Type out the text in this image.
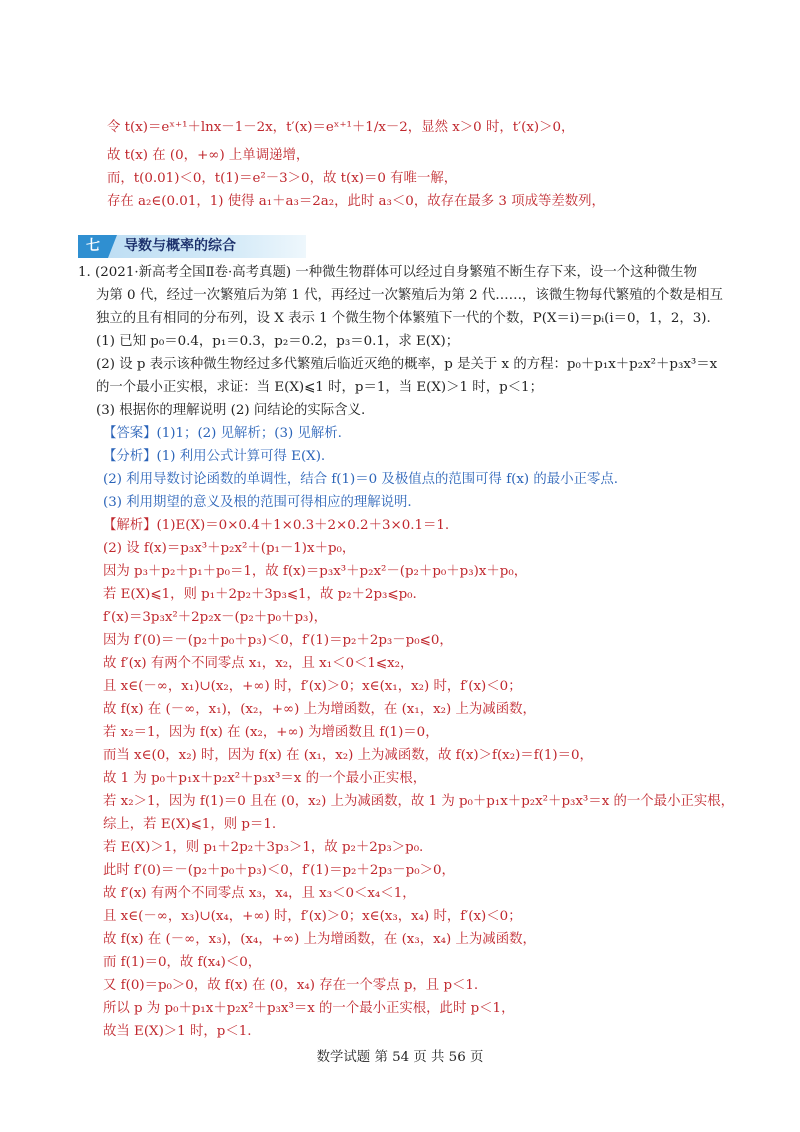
令 t(x)＝eˣ⁺¹＋lnx－1－2x，t′(x)＝eˣ⁺¹＋1/x－2，显然 x＞0 时，t′(x)＞0，
故 t(x) 在 (0，+∞) 上单调递增，
而，t(0.01)＜0，t(1)＝e²－3＞0，故 t(x)＝0 有唯一解，
存在 a₂∈(0.01，1) 使得 a₁＋a₃＝2a₂，此时 a₃＜0，故存在最多 3 项成等差数列，
七	导数与概率的综合
1. (2021·新高考全国Ⅱ卷·高考真题) 一种微生物群体可以经过自身繁殖不断生存下来，设一个这种微生物
为第 0 代，经过一次繁殖后为第 1 代，再经过一次繁殖后为第 2 代……，该微生物每代繁殖的个数是相互
独立的且有相同的分布列，设 X 表示 1 个微生物个体繁殖下一代的个数，P(X＝i)＝pᵢ(i＝0，1，2，3).
(1) 已知 p₀＝0.4，p₁＝0.3，p₂＝0.2，p₃＝0.1，求 E(X)；
(2) 设 p 表示该种微生物经过多代繁殖后临近灭绝的概率，p 是关于 x 的方程：p₀＋p₁x＋p₂x²＋p₃x³＝x
的一个最小正实根，求证：当 E(X)⩽1 时，p＝1，当 E(X)＞1 时，p＜1；
(3) 根据你的理解说明 (2) 问结论的实际含义.
【答案】(1)1；(2) 见解析；(3) 见解析.
【分析】(1) 利用公式计算可得 E(X).
(2) 利用导数讨论函数的单调性，结合 f(1)＝0 及极值点的范围可得 f(x) 的最小正零点.
(3) 利用期望的意义及根的范围可得相应的理解说明.
【解析】(1)E(X)＝0×0.4＋1×0.3＋2×0.2＋3×0.1＝1.
(2) 设 f(x)＝p₃x³＋p₂x²＋(p₁－1)x＋p₀，
因为 p₃＋p₂＋p₁＋p₀＝1，故 f(x)＝p₃x³＋p₂x²－(p₂＋p₀＋p₃)x＋p₀，
若 E(X)⩽1，则 p₁＋2p₂＋3p₃⩽1，故 p₂＋2p₃⩽p₀.
f′(x)＝3p₃x²＋2p₂x－(p₂＋p₀＋p₃)，
因为 f′(0)＝－(p₂＋p₀＋p₃)＜0，f′(1)＝p₂＋2p₃－p₀⩽0，
故 f′(x) 有两个不同零点 x₁，x₂，且 x₁＜0＜1⩽x₂，
且 x∈(－∞，x₁)∪(x₂，+∞) 时，f′(x)＞0；x∈(x₁，x₂) 时，f′(x)＜0；
故 f(x) 在 (－∞，x₁)，(x₂，+∞) 上为增函数，在 (x₁，x₂) 上为减函数，
若 x₂＝1，因为 f(x) 在 (x₂，+∞) 为增函数且 f(1)＝0，
而当 x∈(0，x₂) 时，因为 f(x) 在 (x₁，x₂) 上为减函数，故 f(x)＞f(x₂)＝f(1)＝0，
故 1 为 p₀＋p₁x＋p₂x²＋p₃x³＝x 的一个最小正实根，
若 x₂＞1，因为 f(1)＝0 且在 (0，x₂) 上为减函数，故 1 为 p₀＋p₁x＋p₂x²＋p₃x³＝x 的一个最小正实根，
综上，若 E(X)⩽1，则 p＝1.
若 E(X)＞1，则 p₁＋2p₂＋3p₃＞1，故 p₂＋2p₃＞p₀.
此时 f′(0)＝－(p₂＋p₀＋p₃)＜0，f′(1)＝p₂＋2p₃－p₀＞0，
故 f′(x) 有两个不同零点 x₃，x₄，且 x₃＜0＜x₄＜1，
且 x∈(－∞，x₃)∪(x₄，+∞) 时，f′(x)＞0；x∈(x₃，x₄) 时，f′(x)＜0；
故 f(x) 在 (－∞，x₃)，(x₄，+∞) 上为增函数，在 (x₃，x₄) 上为减函数，
而 f(1)＝0，故 f(x₄)＜0，
又 f(0)＝p₀＞0，故 f(x) 在 (0，x₄) 存在一个零点 p，且 p＜1.
所以 p 为 p₀＋p₁x＋p₂x²＋p₃x³＝x 的一个最小正实根，此时 p＜1，
故当 E(X)＞1 时，p＜1.
数学试题 第 54 页 共 56 页
